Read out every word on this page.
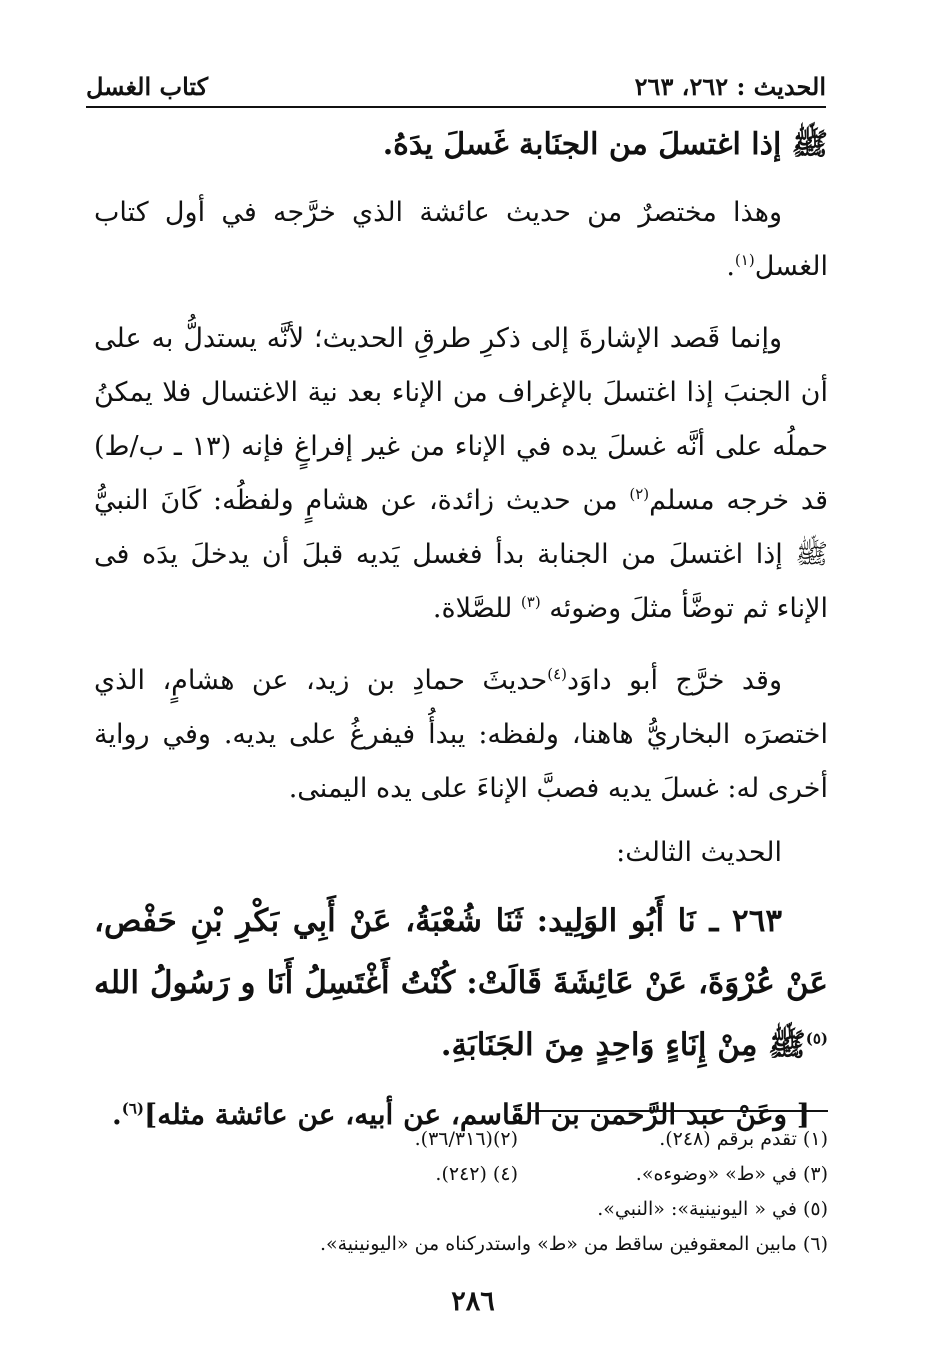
الحديث : ٢٦٢، ٢٦٣
كتاب الغسل

ﷺ إذا اغتسلَ من الجنَابة غَسلَ يدَهُ.

وهذا مختصرٌ من حديث عائشة الذي خرَّجه في أول كتاب الغسل$^{(١)}$.

وإنما قَصد الإشارةَ إلى ذكرِ طرقِ الحديث؛ لأنَّه يستدلُّ به على أن الجنبَ إذا اغتسلَ بالإغراف من الإناء بعد نية الاغتسال فلا يمكنُ حملُه على أنَّه غسلَ يده في الإناء من غير إفراغٍ فإنه (١٣ ـ ب/ط) قد خرجه مسلم$^{(٢)}$ من حديث زائدة، عن هشامٍ ولفظُه: كَانَ النبيُّ ﷺ إذا اغتسلَ من الجنابة بدأ فغسل يَديه قبلَ أن يدخلَ يدَه فى الإناء ثم توضَّأ مثلَ وضوئه $^{(٣)}$ للصَّلاة.

وقد خرَّج أبو داوَد$^{(٤)}$حديثَ حمادِ بن زيد، عن هشامٍ، الذي اختصرَه البخاريُّ هاهنا، ولفظه: يبدأُ فيفرغُ على يديه. وفي رواية أخرى له: غسلَ يديه فصبَّ الإناءَ على يده اليمنى.

الحديث الثالث:

٢٦٣ ـ نَا أَبُو الوَلِيد: ثَنَا شُعْبَةُ، عَنْ أَبِي بَكْرِ بْنِ حَفْص، عَنْ عُرْوَةَ، عَنْ عَائِشَةَ قَالَتْ: كُنْتُ أَغْتَسِلُ أَنَا و رَسُولُ الله $^{(٥)}$ﷺ مِنْ إِنَاءٍ وَاحِدٍ مِنَ الجَنَابَةِ.

[ وعَنْ عبد الرَّحمن بن القَاسم، عن أبيه، عن عائشة مثله]$^{(٦)}$.

(١) تقدم برقم (٢٤٨).
(٢)(٣٦/٣١٦).
(٣) في «ط» «وضوءه».
(٤) (٢٤٢).
(٥) في « اليونينية»: «النبي».
(٦) مابين المعقوفين ساقط من «ط» واستدركناه من «اليونينية».
٢٨٦
